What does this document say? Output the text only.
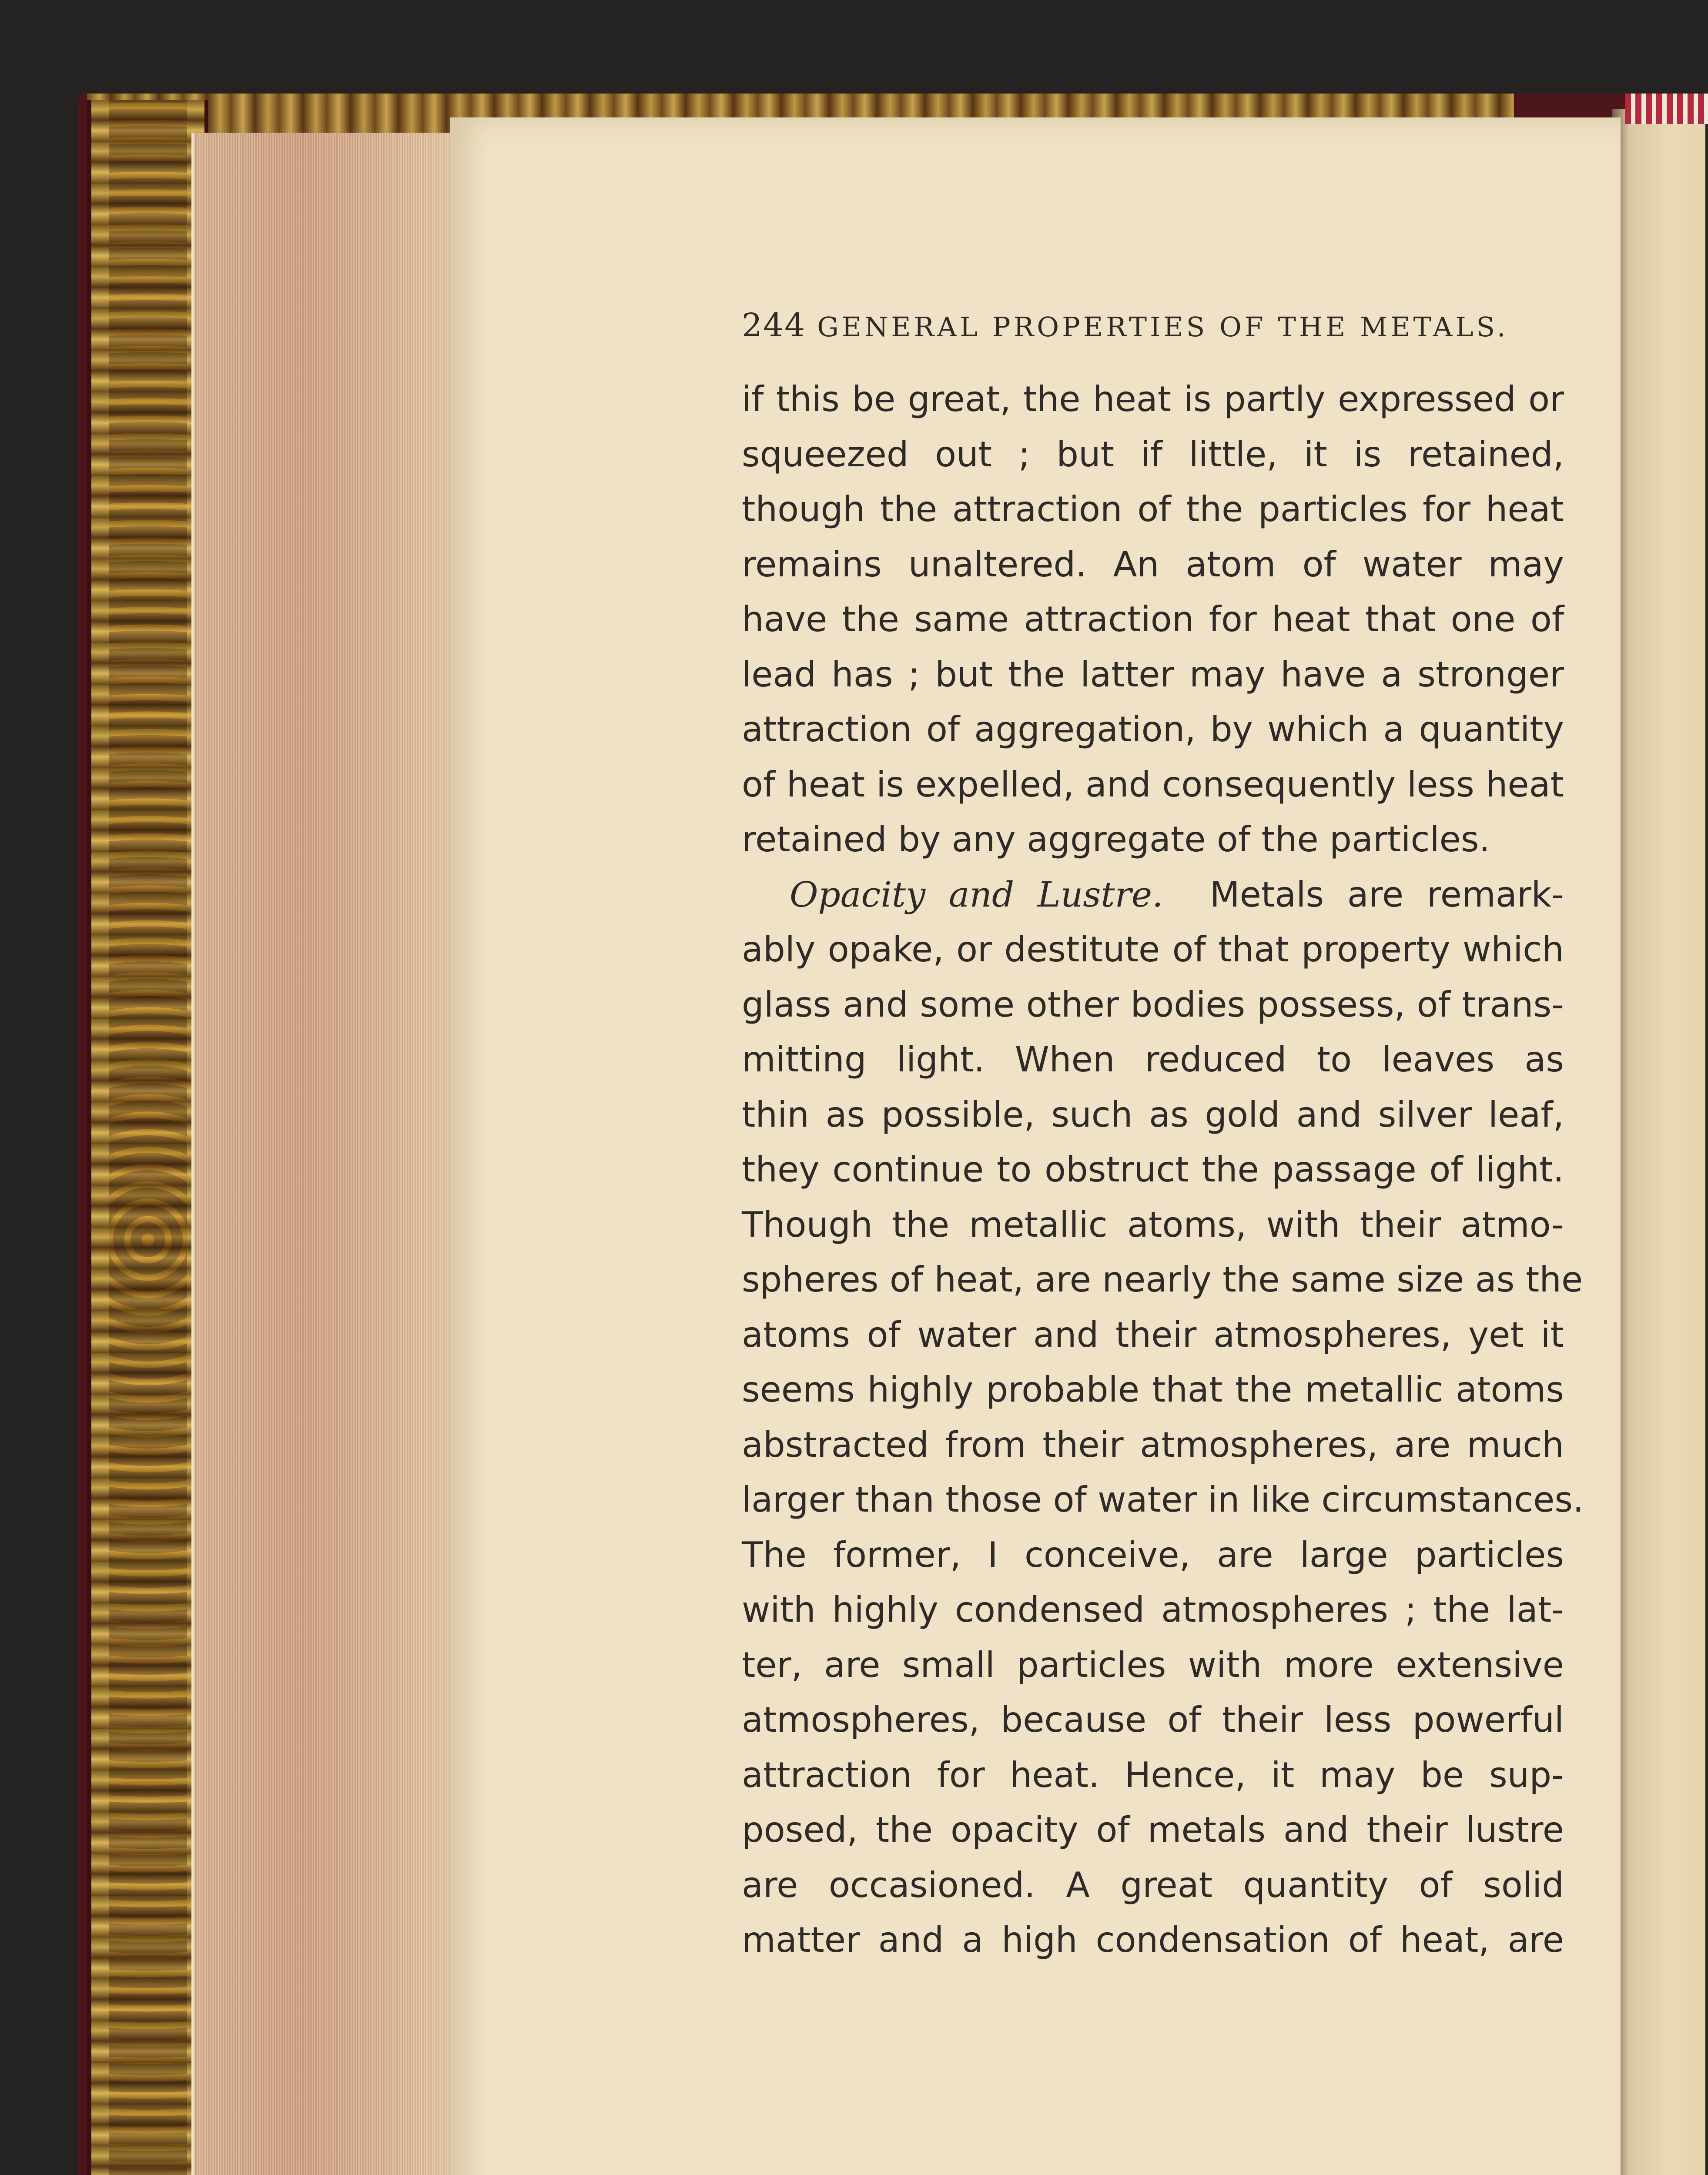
244 GENERAL PROPERTIES OF THE METALS.
if this be great, the heat is partly expressed or
squeezed out ; but if little, it is retained,
though the attraction of the particles for heat
remains unaltered. An atom of water may
have the same attraction for heat that one of
lead has ; but the latter may have a stronger
attraction of aggregation, by which a quantity
of heat is expelled, and consequently less heat
retained by any aggregate of the particles.
Opacity and Lustre. Metals are remark-
ably opake, or destitute of that property which
glass and some other bodies possess, of trans-
mitting light. When reduced to leaves as
thin as possible, such as gold and silver leaf,
they continue to obstruct the passage of light.
Though the metallic atoms, with their atmo-
spheres of heat, are nearly the same size as the
atoms of water and their atmospheres, yet it
seems highly probable that the metallic atoms
abstracted from their atmospheres, are much
larger than those of water in like circumstances.
The former, I conceive, are large particles
with highly condensed atmospheres ; the lat-
ter, are small particles with more extensive
atmospheres, because of their less powerful
attraction for heat. Hence, it may be sup-
posed, the opacity of metals and their lustre
are occasioned. A great quantity of solid
matter and a high condensation of heat, are
